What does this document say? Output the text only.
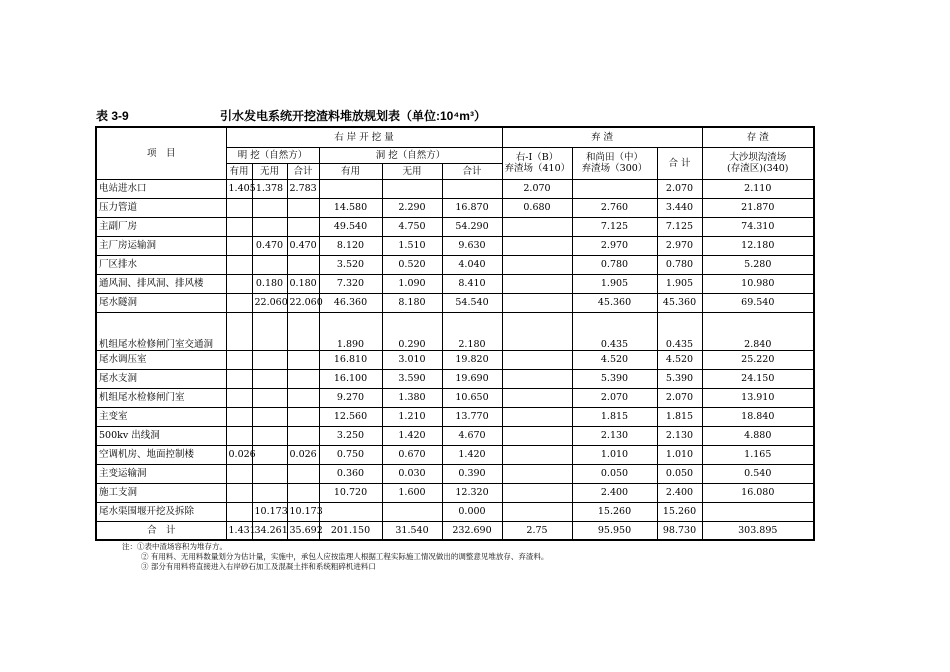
表 3-9	引水发电系统开挖渣料堆放规划表（单位:10⁴m³）
项　目	右 岸 开 挖 量						弃 渣			存 渣
	明 挖（自然方）			洞 挖（自然方）			右-Ⅰ（B）
弃渣场（410）	和尚田（中）
弃渣场（300）	合 计	大沙坝沟渣场
(存渣区)(340)
	有用	无用	合计	有用	无用	合计				
电站进水口	1.405	1.378	2.783				2.070		2.070	2.110
压力管道				14.580	2.290	16.870	0.680	2.760	3.440	21.870
主副厂房				49.540	4.750	54.290		7.125	7.125	74.310
主厂房运输洞		0.470	0.470	8.120	1.510	9.630		2.970	2.970	12.180
厂区排水				3.520	0.520	4.040		0.780	0.780	5.280
通风洞、排风洞、排风楼		0.180	0.180	7.320	1.090	8.410		1.905	1.905	10.980
尾水隧洞		22.060	22.060	46.360	8.180	54.540		45.360	45.360	69.540
机组尾水检修闸门室交通洞				1.890	0.290	2.180		0.435	0.435	2.840
尾水调压室				16.810	3.010	19.820		4.520	4.520	25.220
尾水支洞				16.100	3.590	19.690		5.390	5.390	24.150
机组尾水检修闸门室				9.270	1.380	10.650		2.070	2.070	13.910
主变室				12.560	1.210	13.770		1.815	1.815	18.840
500kv 出线洞				3.250	1.420	4.670		2.130	2.130	4.880
空调机房、地面控制楼	0.026		0.026	0.750	0.670	1.420		1.010	1.010	1.165
主变运输洞				0.360	0.030	0.390		0.050	0.050	0.540
施工支洞				10.720	1.600	12.320		2.400	2.400	16.080
尾水渠围堰开挖及拆除		10.173	10.173			0.000		15.260	15.260	
合　计	1.431	34.261	35.692	201.150	31.540	232.690	2.75	95.950	98.730	303.895
注：①表中渣场容积为堆存方。
② 有用料、无用料数量划分为估计量，实施中，承包人应按监理人根据工程实际施工情况做出的调整意见堆放存、弃渣料。
③ 部分有用料将直接进入右岸砂石加工及混凝土拌和系统粗碎机进料口
